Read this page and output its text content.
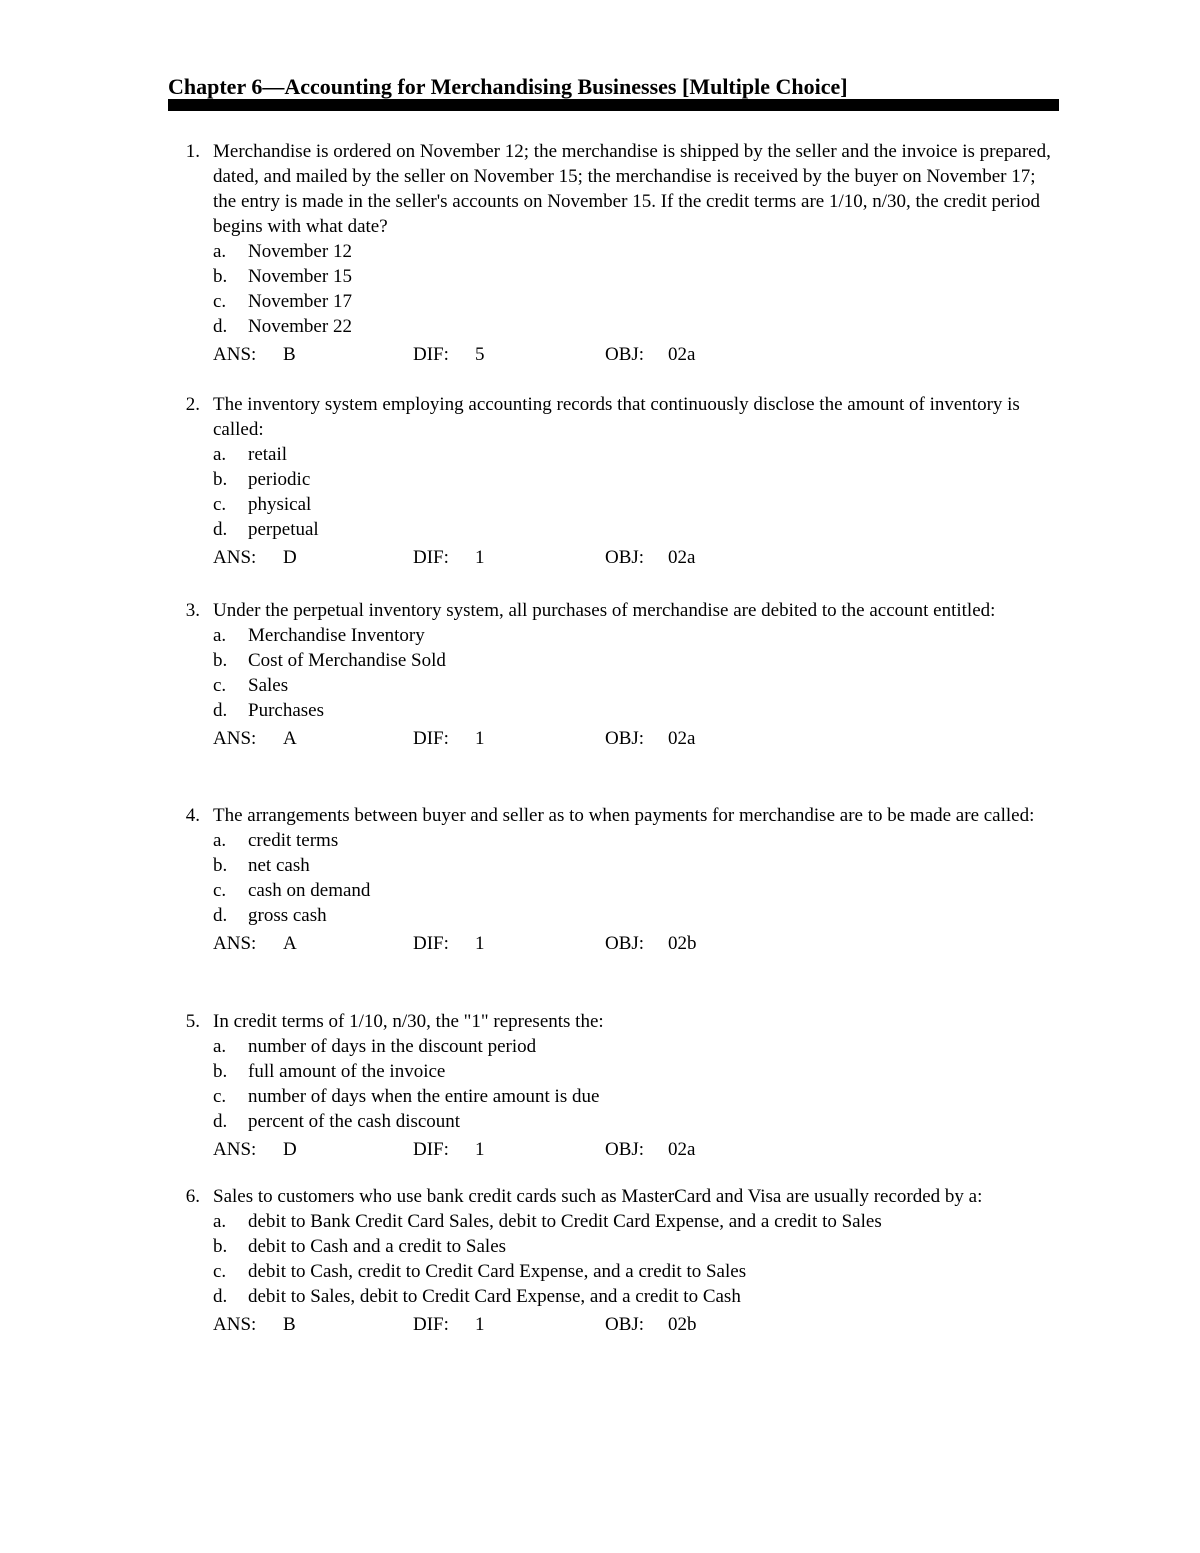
Chapter 6—Accounting for Merchandising Businesses [Multiple Choice]
1. Merchandise is ordered on November 12; the merchandise is shipped by the seller and the invoice is prepared, dated, and mailed by the seller on November 15; the merchandise is received by the buyer on November 17; the entry is made in the seller's accounts on November 15. If the credit terms are 1/10, n/30, the credit period begins with what date?
a. November 12
b. November 15
c. November 17
d. November 22
ANS: B	DIF: 5	OBJ: 02a
2. The inventory system employing accounting records that continuously disclose the amount of inventory is called:
a. retail
b. periodic
c. physical
d. perpetual
ANS: D	DIF: 1	OBJ: 02a
3. Under the perpetual inventory system, all purchases of merchandise are debited to the account entitled:
a. Merchandise Inventory
b. Cost of Merchandise Sold
c. Sales
d. Purchases
ANS: A	DIF: 1	OBJ: 02a
4. The arrangements between buyer and seller as to when payments for merchandise are to be made are called:
a. credit terms
b. net cash
c. cash on demand
d. gross cash
ANS: A	DIF: 1	OBJ: 02b
5. In credit terms of 1/10, n/30, the "1" represents the:
a. number of days in the discount period
b. full amount of the invoice
c. number of days when the entire amount is due
d. percent of the cash discount
ANS: D	DIF: 1	OBJ: 02a
6. Sales to customers who use bank credit cards such as MasterCard and Visa are usually recorded by a:
a. debit to Bank Credit Card Sales, debit to Credit Card Expense, and a credit to Sales
b. debit to Cash and a credit to Sales
c. debit to Cash, credit to Credit Card Expense, and a credit to Sales
d. debit to Sales, debit to Credit Card Expense, and a credit to Cash
ANS: B	DIF: 1	OBJ: 02b
